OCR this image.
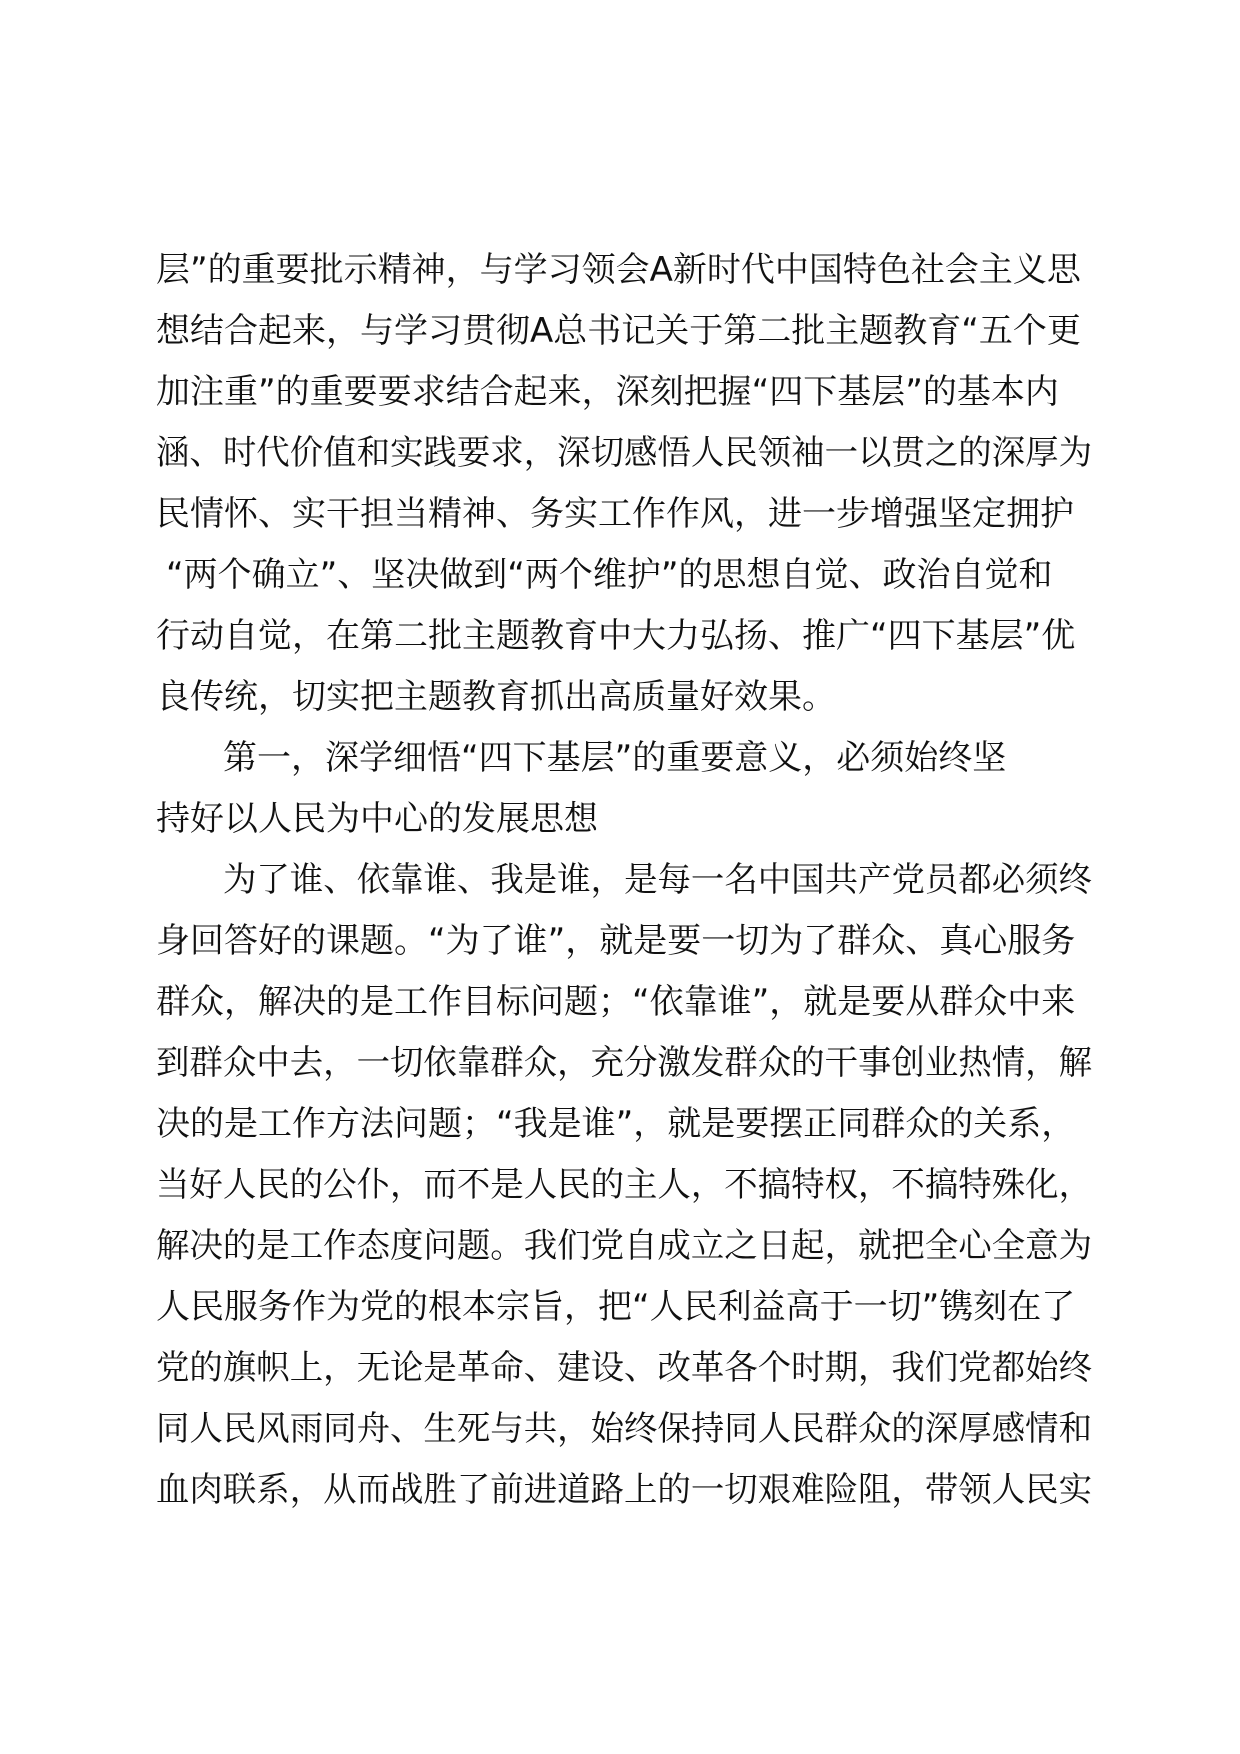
层”的重要批示精神，与学习领会A新时代中国特色社会主义思
想结合起来，与学习贯彻A总书记关于第二批主题教育“五个更
加注重”的重要要求结合起来，深刻把握“四下基层”的基本内
涵、时代价值和实践要求，深切感悟人民领袖一以贯之的深厚为
民情怀、实干担当精神、务实工作作风，进一步增强坚定拥护
“两个确立”、坚决做到“两个维护”的思想自觉、政治自觉和
行动自觉，在第二批主题教育中大力弘扬、推广“四下基层”优
良传统，切实把主题教育抓出高质量好效果。
第一，深学细悟“四下基层”的重要意义，必须始终坚
持好以人民为中心的发展思想
为了谁、依靠谁、我是谁，是每一名中国共产党员都必须终
身回答好的课题。“为了谁”，就是要一切为了群众、真心服务
群众，解决的是工作目标问题；“依靠谁”，就是要从群众中来
到群众中去，一切依靠群众，充分激发群众的干事创业热情，解
决的是工作方法问题；“我是谁”，就是要摆正同群众的关系，
当好人民的公仆，而不是人民的主人，不搞特权，不搞特殊化，
解决的是工作态度问题。我们党自成立之日起，就把全心全意为
人民服务作为党的根本宗旨，把“人民利益高于一切”镌刻在了
党的旗帜上，无论是革命、建设、改革各个时期，我们党都始终
同人民风雨同舟、生死与共，始终保持同人民群众的深厚感情和
血肉联系，从而战胜了前进道路上的一切艰难险阻，带领人民实
